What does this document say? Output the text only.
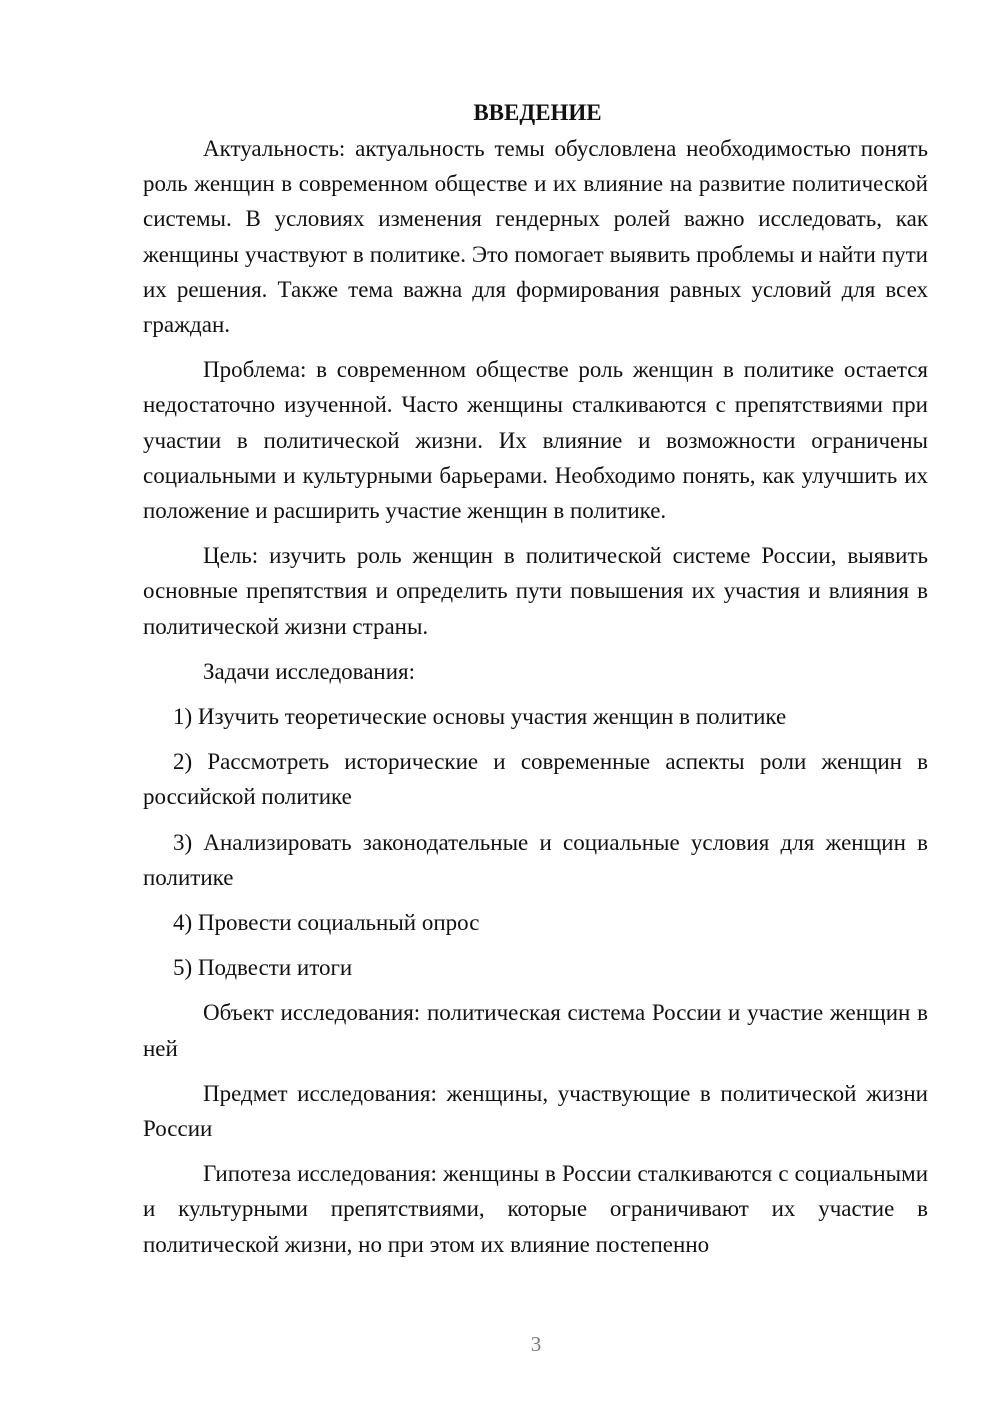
ВВЕДЕНИЕ

Актуальность: актуальность темы обусловлена необходимостью понять роль женщин в современном обществе и их влияние на развитие политической системы. В условиях изменения гендерных ролей важно исследовать, как женщины участвуют в политике. Это помогает выявить проблемы и найти пути их решения. Также тема важна для формирования равных условий для всех граждан.

Проблема: в современном обществе роль женщин в политике остается недостаточно изученной. Часто женщины сталкиваются с препятствиями при участии в политической жизни. Их влияние и возможности ограничены социальными и культурными барьерами. Необходимо понять, как улучшить их положение и расширить участие женщин в политике.

Цель: изучить роль женщин в политической системе России, выявить основные препятствия и определить пути повышения их участия и влияния в политической жизни страны.

Задачи исследования:

1) Изучить теоретические основы участия женщин в политике

2) Рассмотреть исторические и современные аспекты роли женщин в российской политике

3) Анализировать законодательные и социальные условия для женщин в политике

4) Провести социальный опрос

5) Подвести итоги

Объект исследования: политическая система России и участие женщин в ней

Предмет исследования: женщины, участвующие в политической жизни России

Гипотеза исследования: женщины в России сталкиваются с социальными и культурными препятствиями, которые ограничивают их участие в политической жизни, но при этом их влияние постепенно

3
